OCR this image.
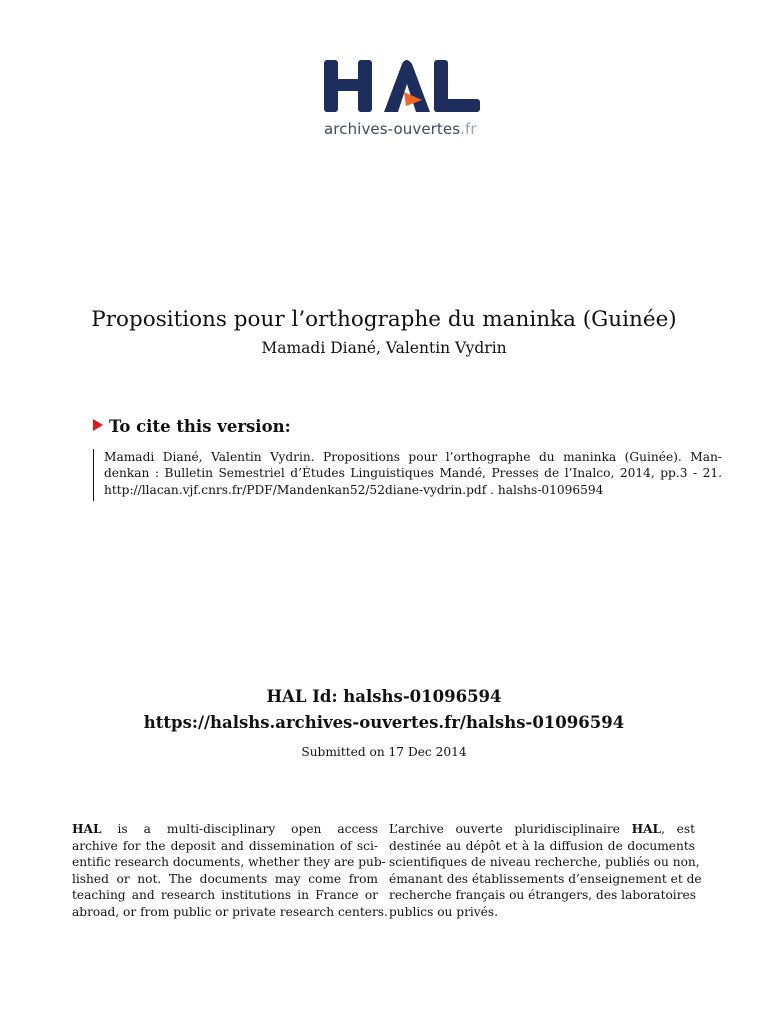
archives-ouvertes.fr
Propositions pour l’orthographe du maninka (Guinée)
Mamadi Diané, Valentin Vydrin
To cite this version:
Mamadi Diané, Valentin Vydrin. Propositions pour l’orthographe du maninka (Guinée). Man-
denkan : Bulletin Semestriel d’Études Linguistiques Mandé, Presses de l’Inalco, 2014, pp.3 - 21.
http://llacan.vjf.cnrs.fr/PDF/Mandenkan52/52diane-vydrin.pdf . halshs-01096594
HAL Id: halshs-01096594
https://halshs.archives-ouvertes.fr/halshs-01096594
Submitted on 17 Dec 2014
HAL is a multi-disciplinary open access
archive for the deposit and dissemination of sci-
entific research documents, whether they are pub-
lished or not. The documents may come from
teaching and research institutions in France or
abroad, or from public or private research centers.
L’archive ouverte pluridisciplinaire HAL, est
destinée au dépôt et à la diffusion de documents
scientifiques de niveau recherche, publiés ou non,
émanant des établissements d’enseignement et de
recherche français ou étrangers, des laboratoires
publics ou privés.
